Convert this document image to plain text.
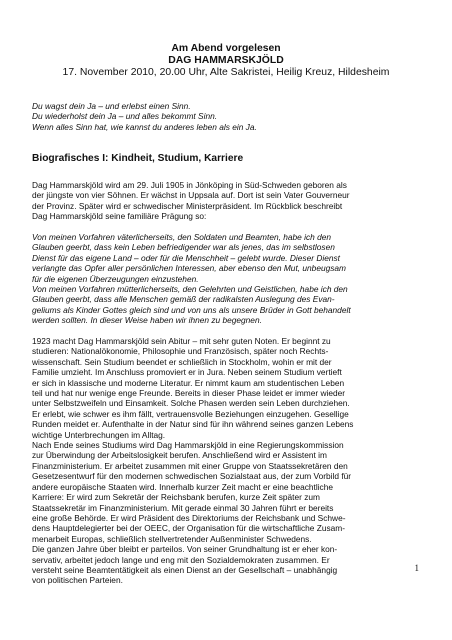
Am Abend vorgelesen
DAG HAMMARSKJÖLD
17. November 2010, 20.00 Uhr, Alte Sakristei, Heilig Kreuz, Hildesheim
Du wagst dein Ja – und erlebst einen Sinn.
Du wiederholst dein Ja – und alles bekommt Sinn.
Wenn alles Sinn hat, wie kannst du anderes leben als ein Ja.
Biografisches I: Kindheit, Studium, Karriere
Dag Hammarskjöld wird am 29. Juli 1905 in Jönköping in Süd-Schweden geboren als
der jüngste von vier Söhnen. Er wächst in Uppsala auf. Dort ist sein Vater Gouverneur
der Provinz. Später wird er schwedischer Ministerpräsident. Im Rückblick beschreibt
Dag Hammarskjöld seine familiäre Prägung so:
Von meinen Vorfahren väterlicherseits, den Soldaten und Beamten, habe ich den
Glauben geerbt, dass kein Leben befriedigender war als jenes, das im selbstlosen
Dienst für das eigene Land – oder für die Menschheit – gelebt wurde. Dieser Dienst
verlangte das Opfer aller persönlichen Interessen, aber ebenso den Mut, unbeugsam
für die eigenen Überzeugungen einzustehen.
Von meinen Vorfahren mütterlicherseits, den Gelehrten und Geistlichen, habe ich den
Glauben geerbt, dass alle Menschen gemäß der radikalsten Auslegung des Evan-
geliums als Kinder Gottes gleich sind und von uns als unsere Brüder in Gott behandelt
werden sollten. In dieser Weise haben wir ihnen zu begegnen.
1923 macht Dag Hammarskjöld sein Abitur – mit sehr guten Noten. Er beginnt zu
studieren: Nationalökonomie, Philosophie und Französisch, später noch Rechts-
wissenschaft. Sein Studium beendet er schließlich in Stockholm, wohin er mit der
Familie umzieht. Im Anschluss promoviert er in Jura. Neben seinem Studium vertieft
er sich in klassische und moderne Literatur. Er nimmt kaum am studentischen Leben
teil und hat nur wenige enge Freunde. Bereits in dieser Phase leidet er immer wieder
unter Selbstzweifeln und Einsamkeit. Solche Phasen werden sein Leben durchziehen.
Er erlebt, wie schwer es ihm fällt, vertrauensvolle Beziehungen einzugehen. Gesellige
Runden meidet er. Aufenthalte in der Natur sind für ihn während seines ganzen Lebens
wichtige Unterbrechungen im Alltag.
Nach Ende seines Studiums wird Dag Hammarskjöld in eine Regierungskommission
zur Überwindung der Arbeitslosigkeit berufen. Anschließend wird er Assistent im
Finanzministerium. Er arbeitet zusammen mit einer Gruppe von Staatssekretären den
Gesetzesentwurf für den modernen schwedischen Sozialstaat aus, der zum Vorbild für
andere europäische Staaten wird. Innerhalb kurzer Zeit macht er eine beachtliche
Karriere: Er wird zum Sekretär der Reichsbank berufen, kurze Zeit später zum
Staatssekretär im Finanzministerium. Mit gerade einmal 30 Jahren führt er bereits
eine große Behörde. Er wird Präsident des Direktoriums der Reichsbank und Schwe-
dens Hauptdelegierter bei der OEEC, der Organisation für die wirtschaftliche Zusam-
menarbeit Europas, schließlich stellvertretender Außenminister Schwedens.
Die ganzen Jahre über bleibt er parteilos. Von seiner Grundhaltung ist er eher kon-
servativ, arbeitet jedoch lange und eng mit den Sozialdemokraten zusammen. Er
versteht seine Beamtentätigkeit als einen Dienst an der Gesellschaft – unabhängig
von politischen Parteien.
1
